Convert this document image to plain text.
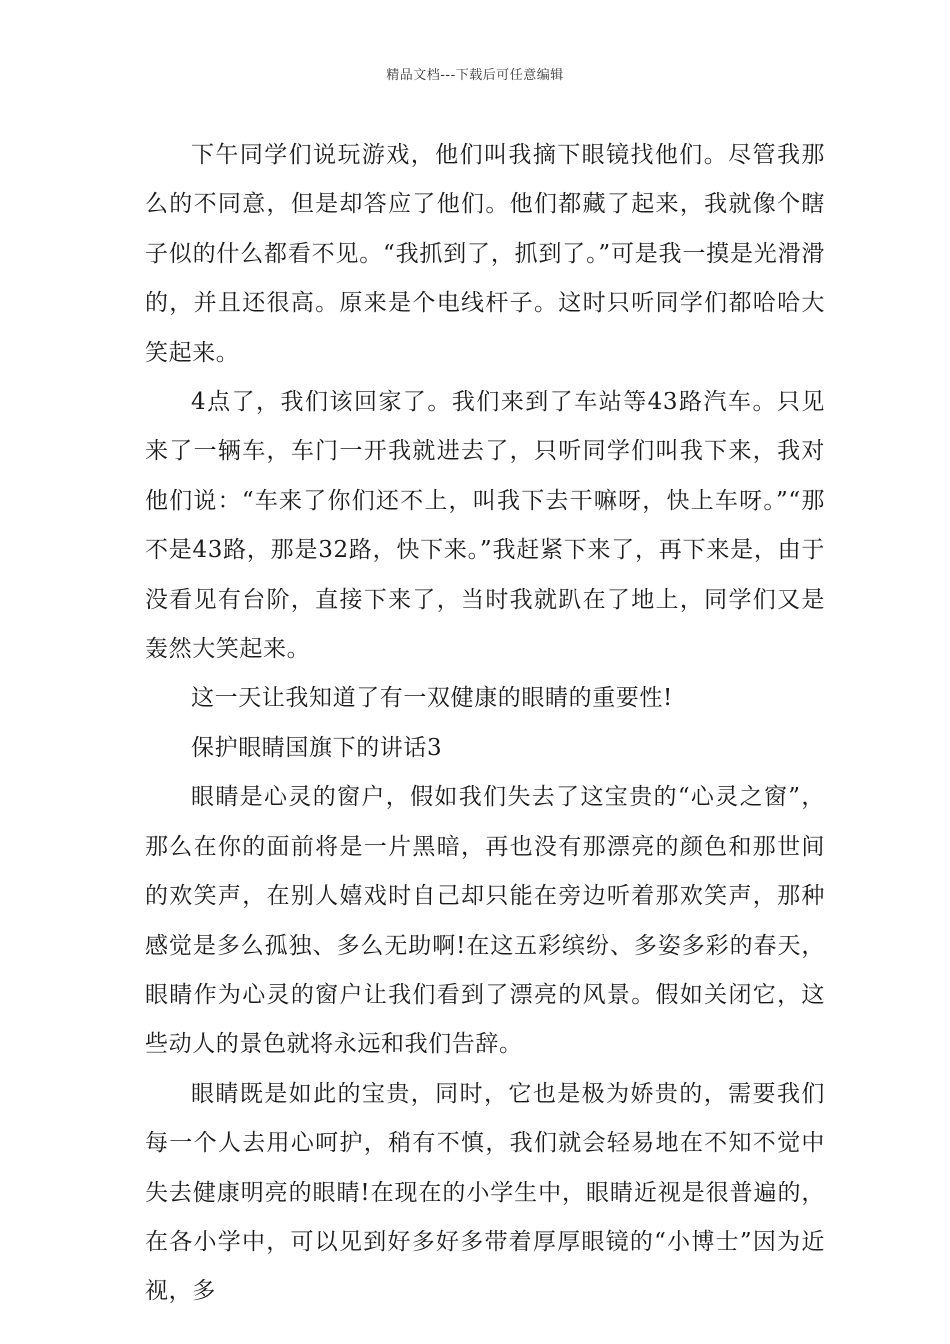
精品文档---下载后可任意编辑

下午同学们说玩游戏，他们叫我摘下眼镜找他们。尽管我那么的不同意，但是却答应了他们。他们都藏了起来，我就像个瞎子似的什么都看不见。“我抓到了，抓到了。”可是我一摸是光滑滑的，并且还很高。原来是个电线杆子。这时只听同学们都哈哈大笑起来。

4点了，我们该回家了。我们来到了车站等43路汽车。只见来了一辆车，车门一开我就进去了，只听同学们叫我下来，我对他们说：“车来了你们还不上，叫我下去干嘛呀，快上车呀。”“那不是43路，那是32路，快下来。”我赶紧下来了，再下来是，由于没看见有台阶，直接下来了，当时我就趴在了地上，同学们又是轰然大笑起来。

这一天让我知道了有一双健康的眼睛的重要性!

保护眼睛国旗下的讲话3

眼睛是心灵的窗户，假如我们失去了这宝贵的“心灵之窗”，那么在你的面前将是一片黑暗，再也没有那漂亮的颜色和那世间的欢笑声，在别人嬉戏时自己却只能在旁边听着那欢笑声，那种感觉是多么孤独、多么无助啊!在这五彩缤纷、多姿多彩的春天，眼睛作为心灵的窗户让我们看到了漂亮的风景。假如关闭它，这些动人的景色就将永远和我们告辞。

眼睛既是如此的宝贵，同时，它也是极为娇贵的，需要我们每一个人去用心呵护，稍有不慎，我们就会轻易地在不知不觉中失去健康明亮的眼睛!在现在的小学生中，眼睛近视是很普遍的，在各小学中，可以见到好多好多带着厚厚眼镜的“小博士”因为近视，多
